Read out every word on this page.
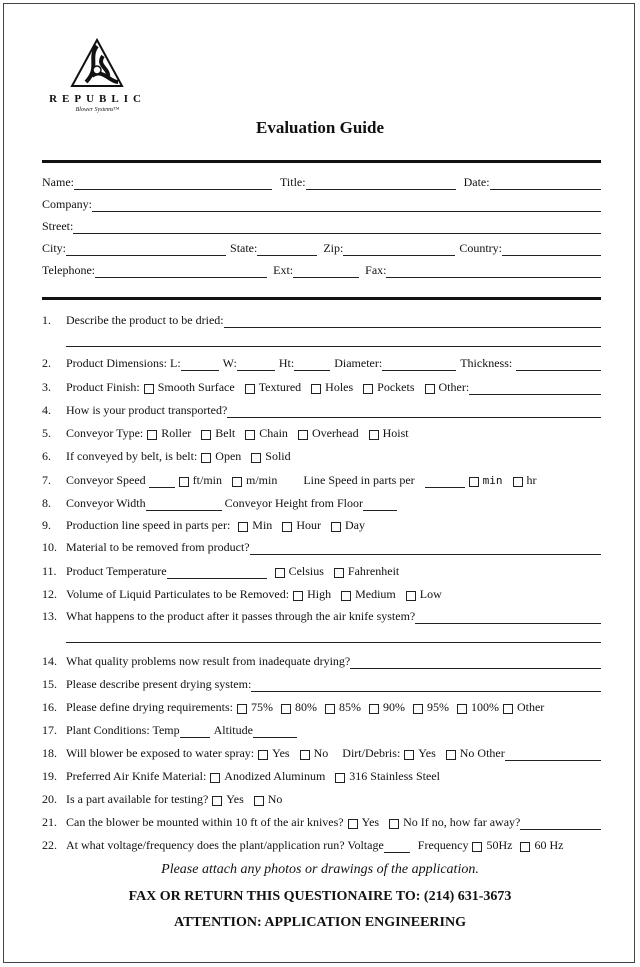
REPUBLIC
Blower Systems™
Evaluation Guide
Name:	Title:	Date:
Company:
Street:
City:	State:	Zip:	Country:
Telephone:	Ext:	Fax:
1.	Describe the product to be dried:
2.	Product Dimensions: L:	W:	Ht:	Diameter:	Thickness:
3.	Product Finish: Smooth Surface Textured Holes Pockets Other:
4.	How is your product transported?
5.	Conveyor Type: Roller Belt Chain Overhead Hoist
6.	If conveyed by belt, is belt: Open Solid
7.	Conveyor Speed	ft/min m/min Line Speed in parts per	min hr
8.	Conveyor Width	Conveyor Height from Floor
9.	Production line speed in parts per: Min Hour Day
10. Material to be removed from product?
11. Product Temperature	Celsius Fahrenheit
12. Volume of Liquid Particulates to be Removed: High Medium Low
13. What happens to the product after it passes through the air knife system?
14. What quality problems now result from inadequate drying?
15. Please describe present drying system:
16. Please define drying requirements: 75% 80% 85% 90% 95% 100% Other
17. Plant Conditions: Temp	Altitude
18. Will blower be exposed to water spray: Yes No Dirt/Debris: Yes No Other
19. Preferred Air Knife Material: Anodized Aluminum 316 Stainless Steel
20. Is a part available for testing? Yes No
21. Can the blower be mounted within 10 ft of the air knives? Yes No If no, how far away?
22. At what voltage/frequency does the plant/application run? Voltage	Frequency 50Hz 60 Hz
Please attach any photos or drawings of the application.
FAX OR RETURN THIS QUESTIONAIRE TO: (214) 631-3673
ATTENTION: APPLICATION ENGINEERING
